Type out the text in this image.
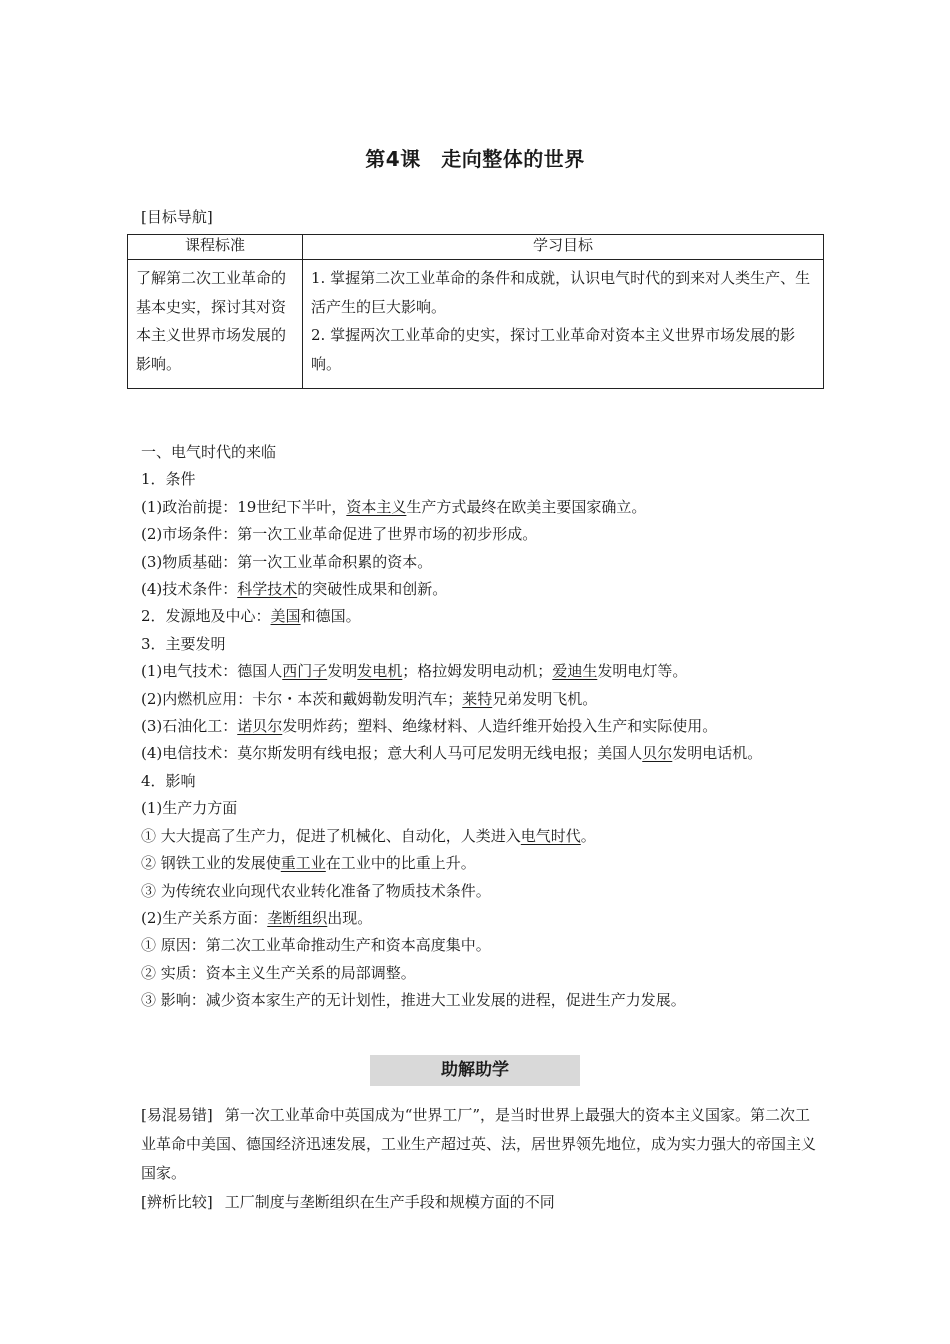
第4课　走向整体的世界
[目标导航]
课程标准	学习目标
了解第二次工业革命的基本史实，探讨其对资本主义世界市场发展的影响。	1. 掌握第二次工业革命的条件和成就，认识电气时代的到来对人类生产、生活产生的巨大影响。
2. 掌握两次工业革命的史实，探讨工业革命对资本主义世界市场发展的影响。

一、电气时代的来临

1．条件

(1)政治前提：19世纪下半叶，资本主义生产方式最终在欧美主要国家确立。

(2)市场条件：第一次工业革命促进了世界市场的初步形成。

(3)物质基础：第一次工业革命积累的资本。

(4)技术条件：科学技术的突破性成果和创新。

2．发源地及中心：美国和德国。

3．主要发明

(1)电气技术：德国人西门子发明发电机；格拉姆发明电动机；爱迪生发明电灯等。

(2)内燃机应用：卡尔・本茨和戴姆勒发明汽车；莱特兄弟发明飞机。

(3)石油化工：诺贝尔发明炸药；塑料、绝缘材料、人造纤维开始投入生产和实际使用。

(4)电信技术：莫尔斯发明有线电报；意大利人马可尼发明无线电报；美国人贝尔发明电话机。

4．影响

(1)生产力方面

① 大大提高了生产力，促进了机械化、自动化，人类进入电气时代。

② 钢铁工业的发展使重工业在工业中的比重上升。

③ 为传统农业向现代农业转化准备了物质技术条件。

(2)生产关系方面：垄断组织出现。

① 原因：第二次工业革命推动生产和资本高度集中。

② 实质：资本主义生产关系的局部调整。

③ 影响：减少资本家生产的无计划性，推进大工业发展的进程，促进生产力发展。

助解助学

[易混易错] 第一次工业革命中英国成为“世界工厂”，是当时世界上最强大的资本主义国家。第二次工业革命中美国、德国经济迅速发展，工业生产超过英、法，居世界领先地位，成为实力强大的帝国主义国家。

[辨析比较] 工厂制度与垄断组织在生产手段和规模方面的不同
